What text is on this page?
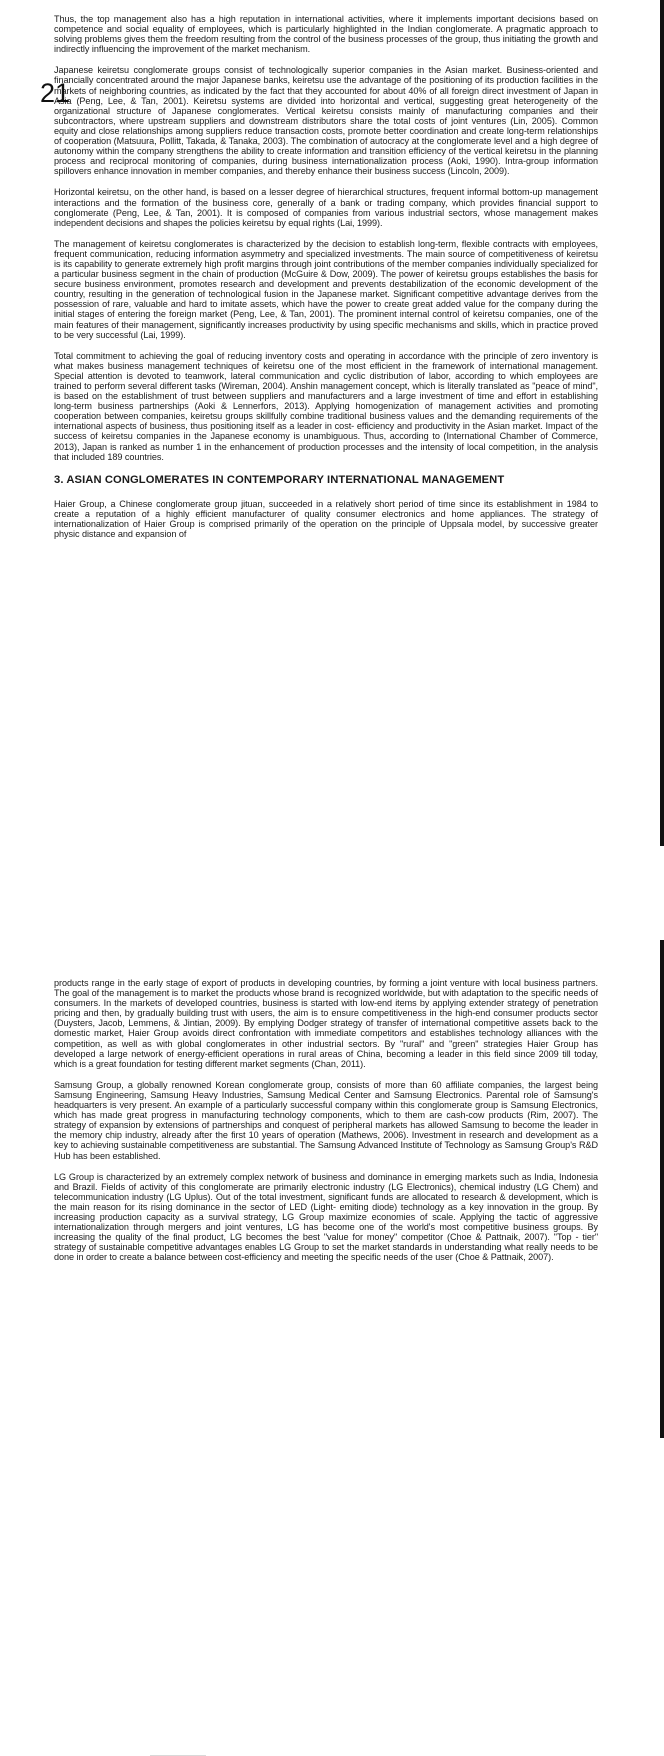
Thus, the top management also has a high reputation in international activities, where it implements important decisions based on competence and social equality of employees, which is particularly highlighted in the Indian conglomerate. A pragmatic approach to solving problems gives them the freedom resulting from the control of the business processes of the group, thus initiating the growth and indirectly influencing the improvement of the market mechanism.

Japanese keiretsu conglomerate groups consist of technologically superior companies in the Asian market. Business-oriented and financially concentrated around the major Japanese banks, keiretsu use the advantage of the positioning of its production facilities in the markets of neighboring countries, as indicated by the fact that they accounted for about 40% of all foreign direct investment of Japan in Asia (Peng, Lee, & Tan, 2001). Keiretsu systems are divided into horizontal and vertical, suggesting great heterogeneity of the organizational structure of Japanese conglomerates. Vertical keiretsu consists mainly of manufacturing companies and their subcontractors, where upstream suppliers and downstream distributors share the total costs of joint ventures (Lin, 2005). Common equity and close relationships among suppliers reduce transaction costs, promote better coordination and create long-term relationships of cooperation (Matsuura, Pollitt, Takada, & Tanaka, 2003). The combination of autocracy at the conglomerate level and a high degree of autonomy within the company strengthens the ability to create information and transition efficiency of the vertical keiretsu in the planning process and reciprocal monitoring of companies, during business internationalization process (Aoki, 1990). Intra-group information spillovers enhance innovation in member companies, and thereby enhance their business success (Lincoln, 2009).

Horizontal keiretsu, on the other hand, is based on a lesser degree of hierarchical structures, frequent informal bottom-up management interactions and the formation of the business core, generally of a bank or trading company, which provides financial support to conglomerate (Peng, Lee, & Tan, 2001). It is composed of companies from various industrial sectors, whose management makes independent decisions and shapes the policies keiretsu by equal rights (Lai, 1999).

The management of keiretsu conglomerates is characterized by the decision to establish long-term, flexible contracts with employees, frequent communication, reducing information asymmetry and specialized investments. The main source of competitiveness of keiretsu is its capability to generate extremely high profit margins through joint contributions of the member companies individually specialized for a particular business segment in the chain of production (McGuire & Dow, 2009). The power of keiretsu groups establishes the basis for secure business environment, promotes research and development and prevents destabilization of the economic development of the country, resulting in the generation of technological fusion in the Japanese market. Significant competitive advantage derives from the possession of rare, valuable and hard to imitate assets, which have the power to create great added value for the company during the initial stages of entering the foreign market (Peng, Lee, & Tan, 2001). The prominent internal control of keiretsu companies, one of the main features of their management, significantly increases productivity by using specific mechanisms and skills, which in practice proved to be very successful (Lai, 1999).

Total commitment to achieving the goal of reducing inventory costs and operating in accordance with the principle of zero inventory is what makes business management techniques of keiretsu one of the most efficient in the framework of international management. Special attention is devoted to teamwork, lateral communication and cyclic distribution of labor, according to which employees are trained to perform several different tasks (Wireman, 2004). Anshin management concept, which is literally translated as "peace of mind", is based on the establishment of trust between suppliers and manufacturers and a large investment of time and effort in establishing long-term business partnerships (Aoki & Lennerfors, 2013). Applying homogenization of management activities and promoting cooperation between companies, keiretsu groups skillfully combine traditional business values and the demanding requirements of the international aspects of business, thus positioning itself as a leader in cost- efficiency and productivity in the Asian market. Impact of the success of keiretsu companies in the Japanese economy is unambiguous. Thus, according to (International Chamber of Commerce, 2013), Japan is ranked as number 1 in the enhancement of production processes and the intensity of local competition, in the analysis that included 189 countries.

3. ASIAN CONGLOMERATES IN CONTEMPORARY INTERNATIONAL MANAGEMENT

Haier Group, a Chinese conglomerate group jituan, succeeded in a relatively short period of time since its establishment in 1984 to create a reputation of a highly efficient manufacturer of quality consumer electronics and home appliances. The strategy of internationalization of Haier Group is comprised primarily of the operation on the principle of Uppsala model, by successive greater physic distance and expansion of

21

products range in the early stage of export of products in developing countries, by forming a joint venture with local business partners. The goal of the management is to market the products whose brand is recognized worldwide, but with adaptation to the specific needs of consumers. In the markets of developed countries, business is started with low-end items by applying extender strategy of penetration pricing and then, by gradually building trust with users, the aim is to ensure competitiveness in the high-end consumer products sector (Duysters, Jacob, Lemmens, & Jintian, 2009). By emplying Dodger strategy of transfer of international competitive assets back to the domestic market, Haier Group avoids direct confrontation with immediate competitors and establishes technology alliances with the competition, as well as with global conglomerates in other industrial sectors. By "rural" and "green" strategies Haier Group has developed a large network of energy-efficient operations in rural areas of China, becoming a leader in this field since 2009 till today, which is a great foundation for testing different market segments (Chan, 2011).

Samsung Group, a globally renowned Korean conglomerate group, consists of more than 60 affiliate companies, the largest being Samsung Engineering, Samsung Heavy Industries, Samsung Medical Center and Samsung Electronics. Parental role of Samsung's headquarters is very present. An example of a particularly successful company within this conglomerate group is Samsung Electronics, which has made great progress in manufacturing technology components, which to them are cash-cow products (Rim, 2007). The strategy of expansion by extensions of partnerships and conquest of peripheral markets has allowed Samsung to become the leader in the memory chip industry, already after the first 10 years of operation (Mathews, 2006). Investment in research and development as a key to achieving sustainable competitiveness are substantial. The Samsung Advanced Institute of Technology as Samsung Group's R&D Hub has been established.

LG Group is characterized by an extremely complex network of business and dominance in emerging markets such as India, Indonesia and Brazil. Fields of activity of this conglomerate are primarily electronic industry (LG Electronics), chemical industry (LG Chem) and telecommunication industry (LG Uplus). Out of the total investment, significant funds are allocated to research & development, which is the main reason for its rising dominance in the sector of LED (Light- emiting diode) technology as a key innovation in the group. By increasing production capacity as a survival strategy, LG Group maximize economies of scale. Applying the tactic of aggressive internationalization through mergers and joint ventures, LG has become one of the world's most competitive business groups. By increasing the quality of the final product, LG becomes the best "value for money" competitor (Choe & Pattnaik, 2007). "Top - tier" strategy of sustainable competitive advantages enables LG Group to set the market standards in understanding what really needs to be done in order to create a balance between cost-efficiency and meeting the specific needs of the user (Choe & Pattnaik, 2007).
